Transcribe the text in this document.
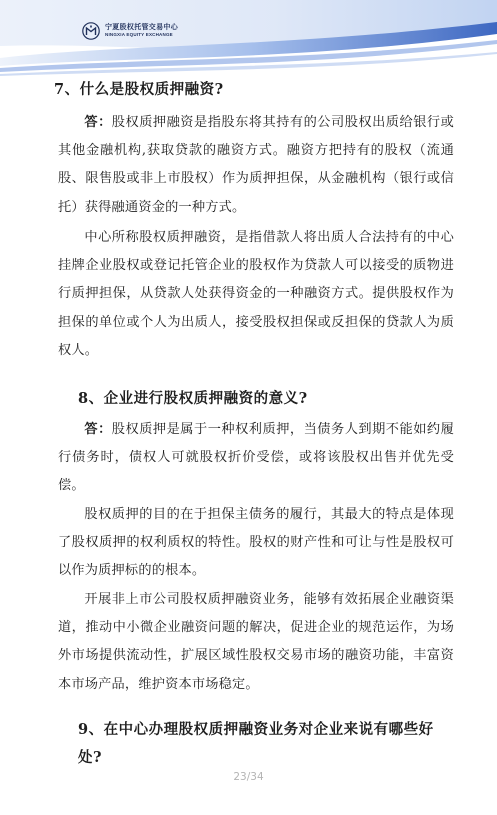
宁夏股权托管交易中心
NINGXIA EQUITY EXCHANGE
7、什么是股权质押融资?

答：股权质押融资是指股东将其持有的公司股权出质给银行或其他金融机构,获取贷款的融资方式。融资方把持有的股权（流通股、限售股或非上市股权）作为质押担保，从金融机构（银行或信托）获得融通资金的一种方式。

中心所称股权质押融资，是指借款人将出质人合法持有的中心挂牌企业股权或登记托管企业的股权作为贷款人可以接受的质物进行质押担保，从贷款人处获得资金的一种融资方式。提供股权作为担保的单位或个人为出质人，接受股权担保或反担保的贷款人为质权人。

8、企业进行股权质押融资的意义?

答：股权质押是属于一种权利质押，当债务人到期不能如约履行债务时，债权人可就股权折价受偿，或将该股权出售并优先受偿。

股权质押的目的在于担保主债务的履行，其最大的特点是体现了股权质押的权利质权的特性。股权的财产性和可让与性是股权可以作为质押标的的根本。

开展非上市公司股权质押融资业务，能够有效拓展企业融资渠道，推动中小微企业融资问题的解决，促进企业的规范运作，为场外市场提供流动性，扩展区域性股权交易市场的融资功能，丰富资本市场产品，维护资本市场稳定。

9、在中心办理股权质押融资业务对企业来说有哪些好处?
23/34
